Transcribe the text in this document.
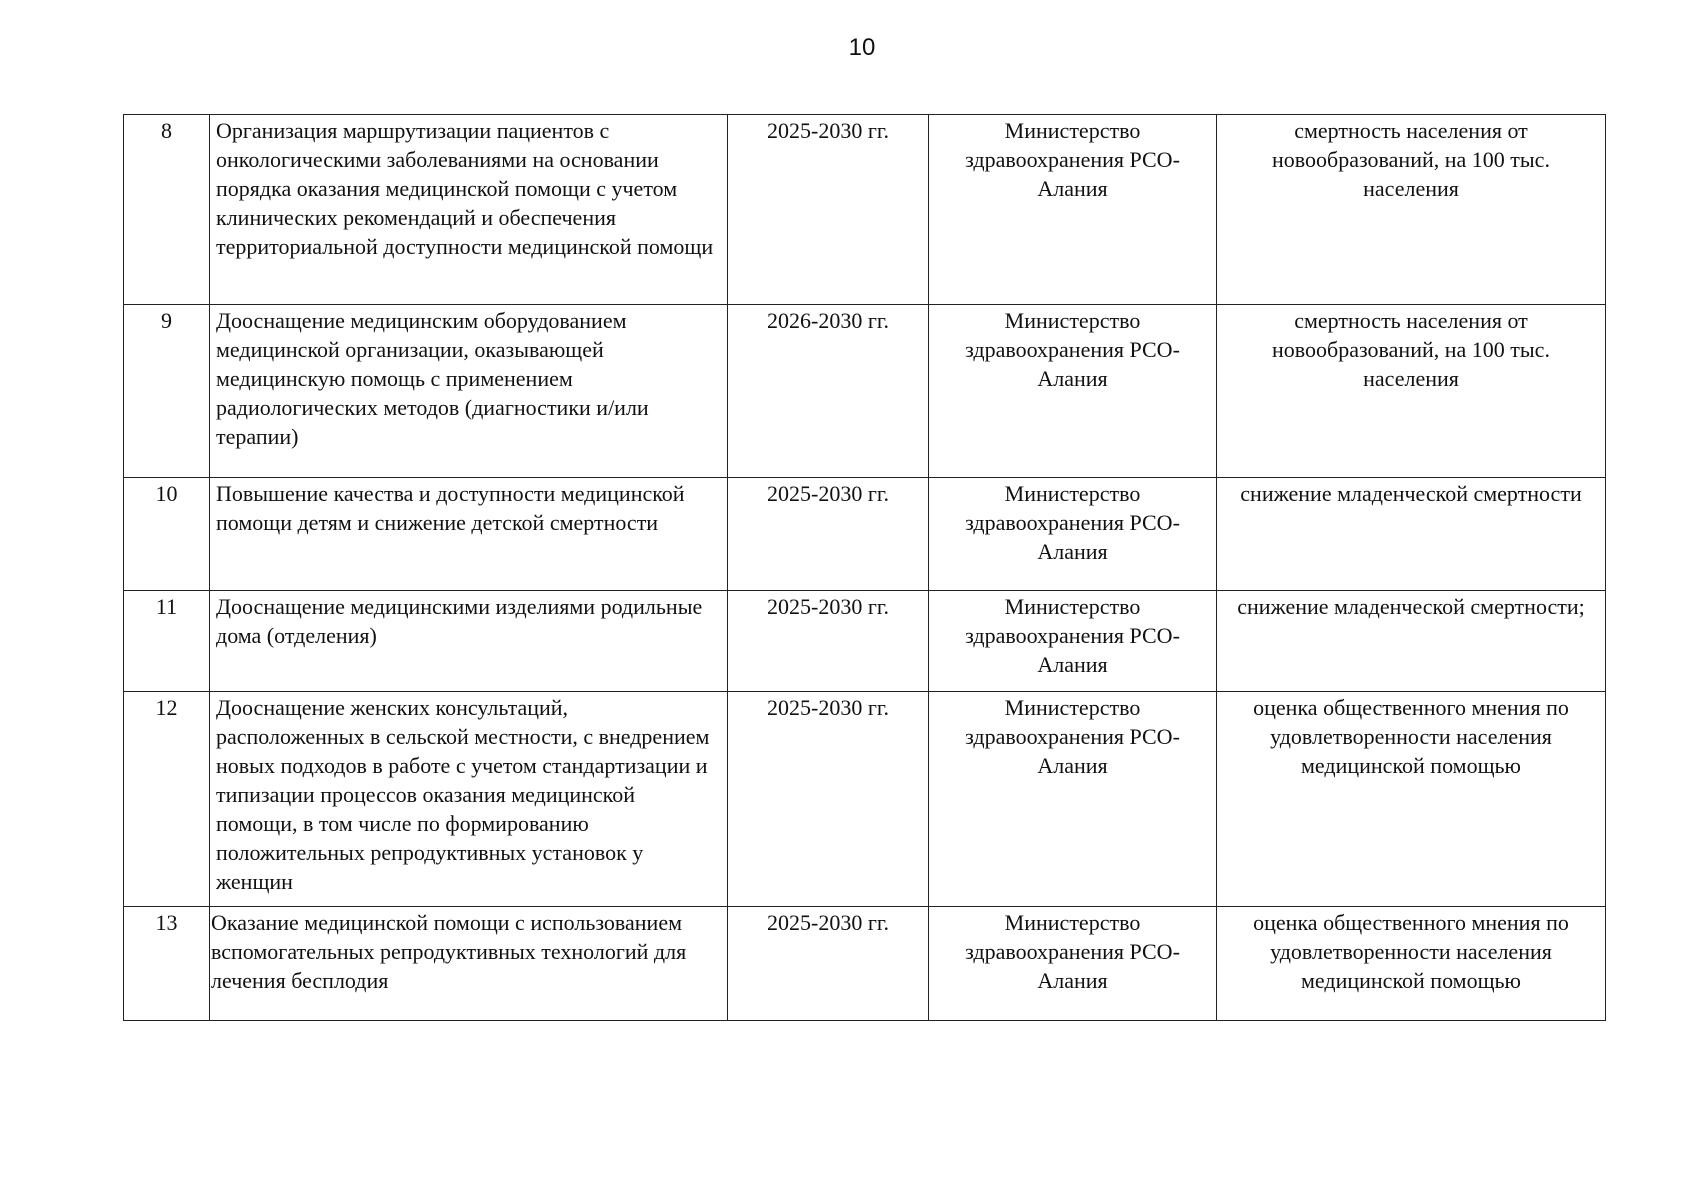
10
8	Организация маршрутизации пациентов с онкологическими заболеваниями на основании порядка оказания медицинской помощи с учетом клинических рекомендаций и обеспечения территориальной доступности медицинской помощи	2025-2030 гг.	Министерство здравоохранения РСО-Алания	смертность населения от новообразований, на 100 тыс. населения
9	Дооснащение медицинским оборудованием медицинской организации, оказывающей медицинскую помощь с применением радиологических методов (диагностики и/или терапии)	2026-2030 гг.	Министерство здравоохранения РСО-Алания	смертность населения от новообразований, на 100 тыс. населения
10	Повышение качества и доступности медицинской помощи детям и снижение детской смертности	2025-2030 гг.	Министерство здравоохранения РСО-Алания	снижение младенческой смертности
11	Дооснащение медицинскими изделиями родильные дома (отделения)	2025-2030 гг.	Министерство здравоохранения РСО-Алания	снижение младенческой смертности;
12	Дооснащение женских консультаций, расположенных в сельской местности, с внедрением новых подходов в работе с учетом стандартизации и типизации процессов оказания медицинской помощи, в том числе по формированию положительных репродуктивных установок у женщин	2025-2030 гг.	Министерство здравоохранения РСО-Алания	оценка общественного мнения по удовлетворенности населения медицинской помощью
13	Оказание медицинской помощи с использованием вспомогательных репродуктивных технологий для лечения бесплодия	2025-2030 гг.	Министерство здравоохранения РСО-Алания	оценка общественного мнения по удовлетворенности населения медицинской помощью
